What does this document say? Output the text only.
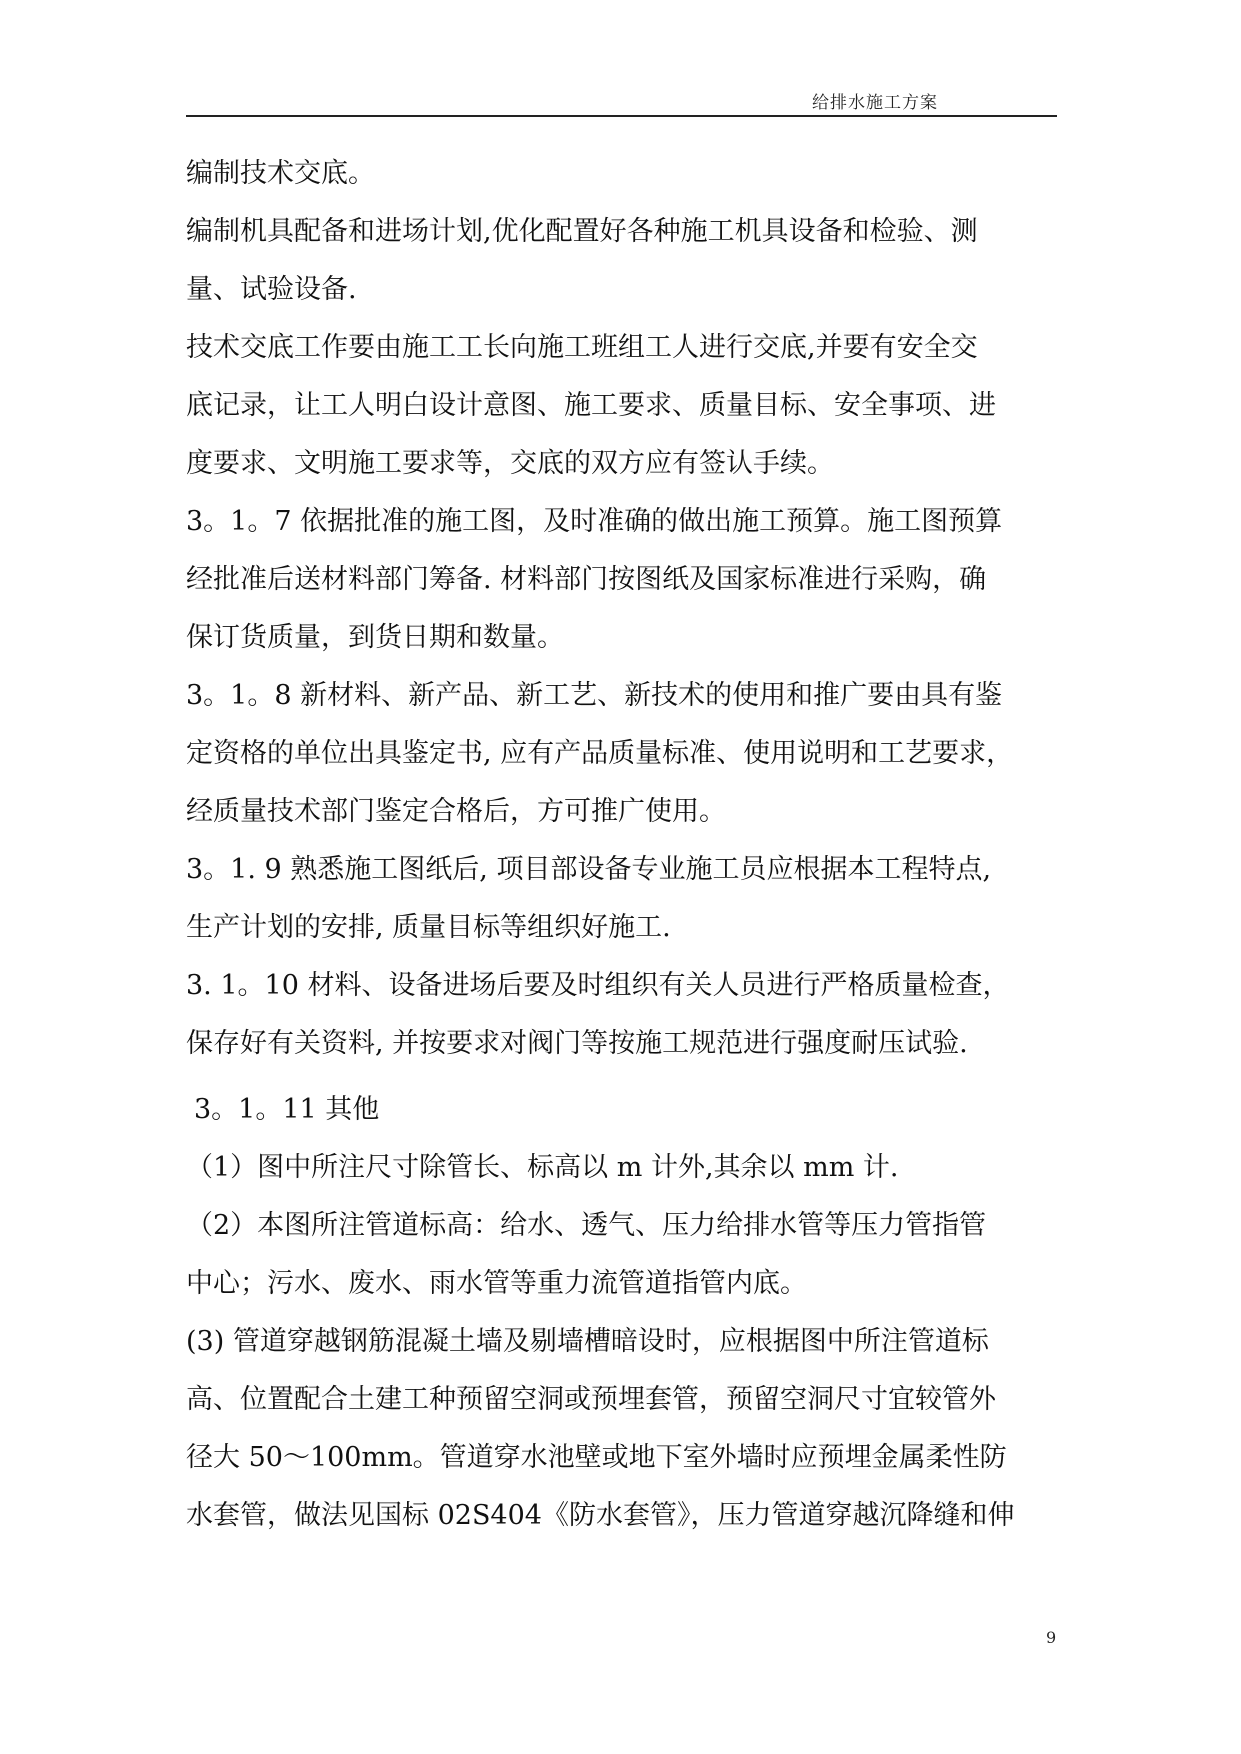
给排水施工方案
编制技术交底。
编制机具配备和进场计划,优化配置好各种施工机具设备和检验、测
量、试验设备.
技术交底工作要由施工工长向施工班组工人进行交底,并要有安全交
底记录，让工人明白设计意图、施工要求、质量目标、安全事项、进
度要求、文明施工要求等，交底的双方应有签认手续。
3。1。7 依据批准的施工图，及时准确的做出施工预算。施工图预算
经批准后送材料部门筹备. 材料部门按图纸及国家标准进行采购，确
保订货质量，到货日期和数量。
3。1。8 新材料、新产品、新工艺、新技术的使用和推广要由具有鉴
定资格的单位出具鉴定书, 应有产品质量标准、使用说明和工艺要求，
经质量技术部门鉴定合格后，方可推广使用。
3。1. 9 熟悉施工图纸后, 项目部设备专业施工员应根据本工程特点,
生产计划的安排, 质量目标等组织好施工.
3. 1。10 材料、设备进场后要及时组织有关人员进行严格质量检查，
保存好有关资料, 并按要求对阀门等按施工规范进行强度耐压试验.
3。1。11 其他
（1）图中所注尺寸除管长、标高以 m 计外,其余以 mm 计.
（2）本图所注管道标高：给水、透气、压力给排水管等压力管指管
中心；污水、废水、雨水管等重力流管道指管内底。
(3) 管道穿越钢筋混凝土墙及剔墙槽暗设时，应根据图中所注管道标
高、位置配合土建工种预留空洞或预埋套管，预留空洞尺寸宜较管外
径大 50～100mm。管道穿水池壁或地下室外墙时应预埋金属柔性防
水套管，做法见国标 02S404《防水套管》，压力管道穿越沉降缝和伸
9
